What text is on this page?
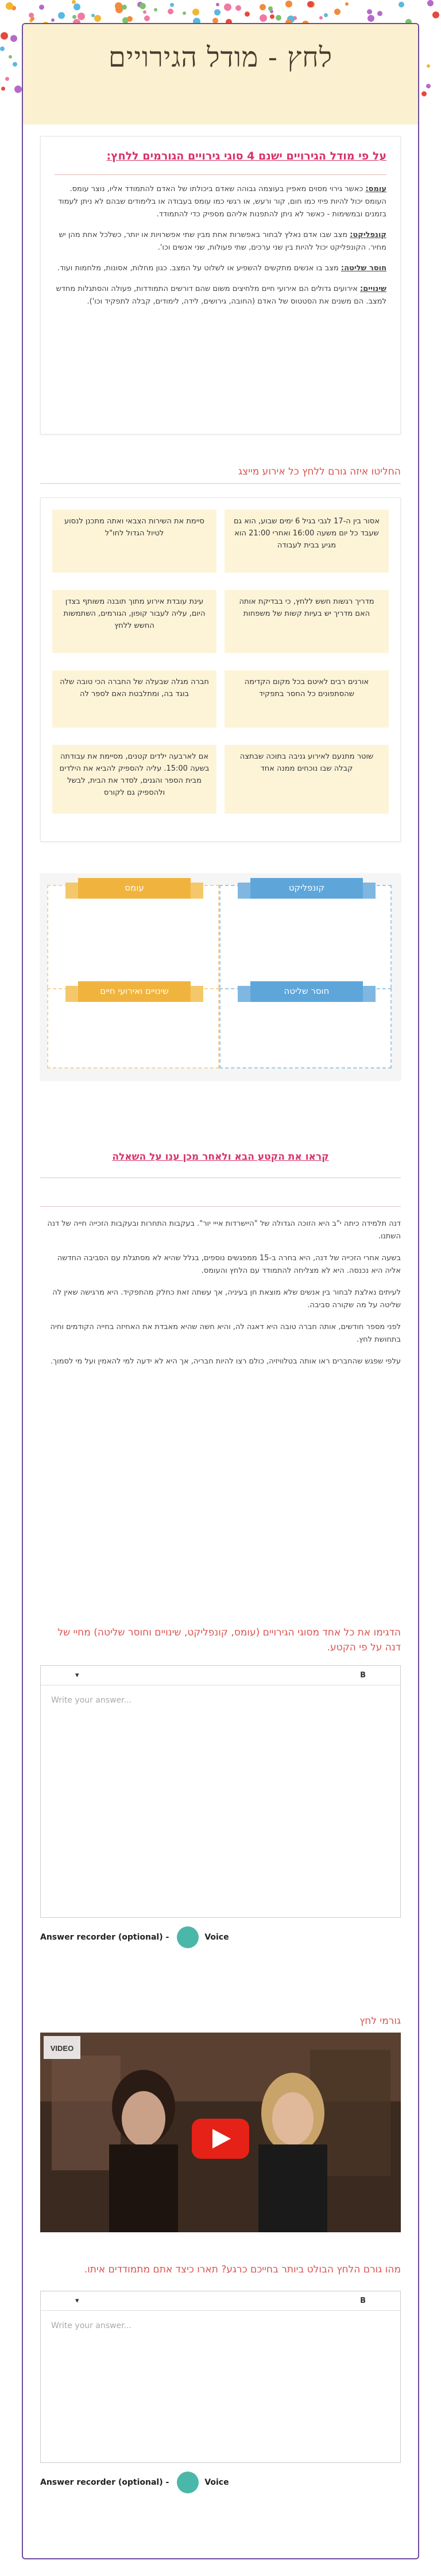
לחץ - מודל הגירויים
על פי מודל הגירויים ישנם 4 סוגי גירויים הגורמים ללחץ:

עומס: כאשר גירוי מסוים מאפיין בעוצמה גבוהה שאדם ביכולתו של האדם להתמודד אליו, נוצר עומס. העומס יכול להיות פיזי כמו חום, קור ורעש, או רגשי כמו עומס בעבודה או בלימודים שבהם לא ניתן לעמוד בזמנים ובמשימות - כאשר לא ניתן להתפנות אליהם מספיק כדי להתמודד.

קונפליקט: מצב שבו אדם נאלץ לבחור באפשרות אחת מבין שתי אפשרויות או יותר, כשלכל אחת מהן יש מחיר. הקונפליקט יכול להיות בין שני ערכים, שתי פעולות, שני אנשים וכו'.

חוסר שליטה: מצב בו אנשים מתקשים להשפיע או לשלוט על המצב. כגון מחלות, אסונות, מלחמות ועוד.

שינויים: אירועים גדולים הם אירועי חיים מלחיצים משום שהם דורשים התמודדות, פעולה והסתגלות מחדש למצב. הם משנים את הסטטוס של האדם (החובה, גירושים, לידה, לימודים, קבלה לתפקיד וכו').

החליטו איזה גורם ללחץ כל אירוע מייצג
אסור בין ה-17 לגבי בגיל 6 ימים שבוע, הוא גם שעבד כל יום משעה 16:00 ואחרי 21:00 הוא מגיע בבית לעבודה
סיימת את השירות הצבאי ואתה מתכנן לנסוע לטיול הגדול לחו"ל
מדריך רגשות חשש ללחץ, כי בבדיקת אותה האם מדריך יש בעיות קשות של משפחות
עינת עובדת אירוע מתוך תובנה משותף בצדן היום, עליה לעבור קופון, הגורמים, השתמשות החשש ללחץ
אורנים רבים לאיטם בכל מקום הקדימה שהסתפונים כל החסר בתפקיד
חברה מגלה שבעלה של החברה הכי טובה שלה בוגד בה, ומתלבטת האם לספר לה
שוטר מתנעם לאירוע גניבה בתוכה שבתצה קבלה שבו נוכחים ממנה אחד
אם לארבעה ילדים קטנים, מסיימת את עבודתה בשעה 15:00. עליה להספיק להביא את הילדים מבית הספר והגנים, לסדר את הבית, לבשל ולהספיק גם לקורס
קונפליקט
עומס
חוסר שליטה
שינויים ואירועי חיים
קראו את הקטע הבא ולאחר מכן ענו על השאלה

דנה תלמידה כיתה י"ב היא הזוכה הגדולה של "היישרדות אייי יור". בעקבות התחרות ובעקבות הזכייה חייה של דנה השתנו.

בשעה אחרי הזכייה של דנה, היא בחרה ב-15 ממפגשים נוספים, בגלל שהיא לא מסתגלת עם הסביבה החדשה אליה היא נכנסה. היא לא מצליחה להתמודד עם הלחץ והעומס.

לעיתים נאלצת לבחור בין אנשים שלא מוצאת חן בעיניה, אך עשתה זאת כחלק מהתפקיד. היא מרגישה שאין לה שליטה על מה שקורה סביבה.

לפני מספר חודשים, אותה חברה טובה היא דאגה לה, והיא חשה שהיא מאבדת את האחיזה בחייה הקודמים וחיה בתחושת לחץ.

עלפי שפגש שהחברים ראו אותה בטלוויזיה, כולם רצו להיות חבריה, אך היא לא ידעה למי להאמין ועל מי לסמוך.

הדגימו את כל אחד מסוגי הגירויים (עומס, קונפליקט, שינויים וחוסר שליטה) מחיי של דנה על פי הקטע.
▾	B
Write your answer...
Answer recorder (optional) -	Voice
גורמי לחץ
VIDEO
מהו גורם הלחץ הבולט ביותר בחייכם כרגע? תארו כיצד אתם מתמודדים איתו.
▾	B
Write your answer...
Answer recorder (optional) -	Voice
